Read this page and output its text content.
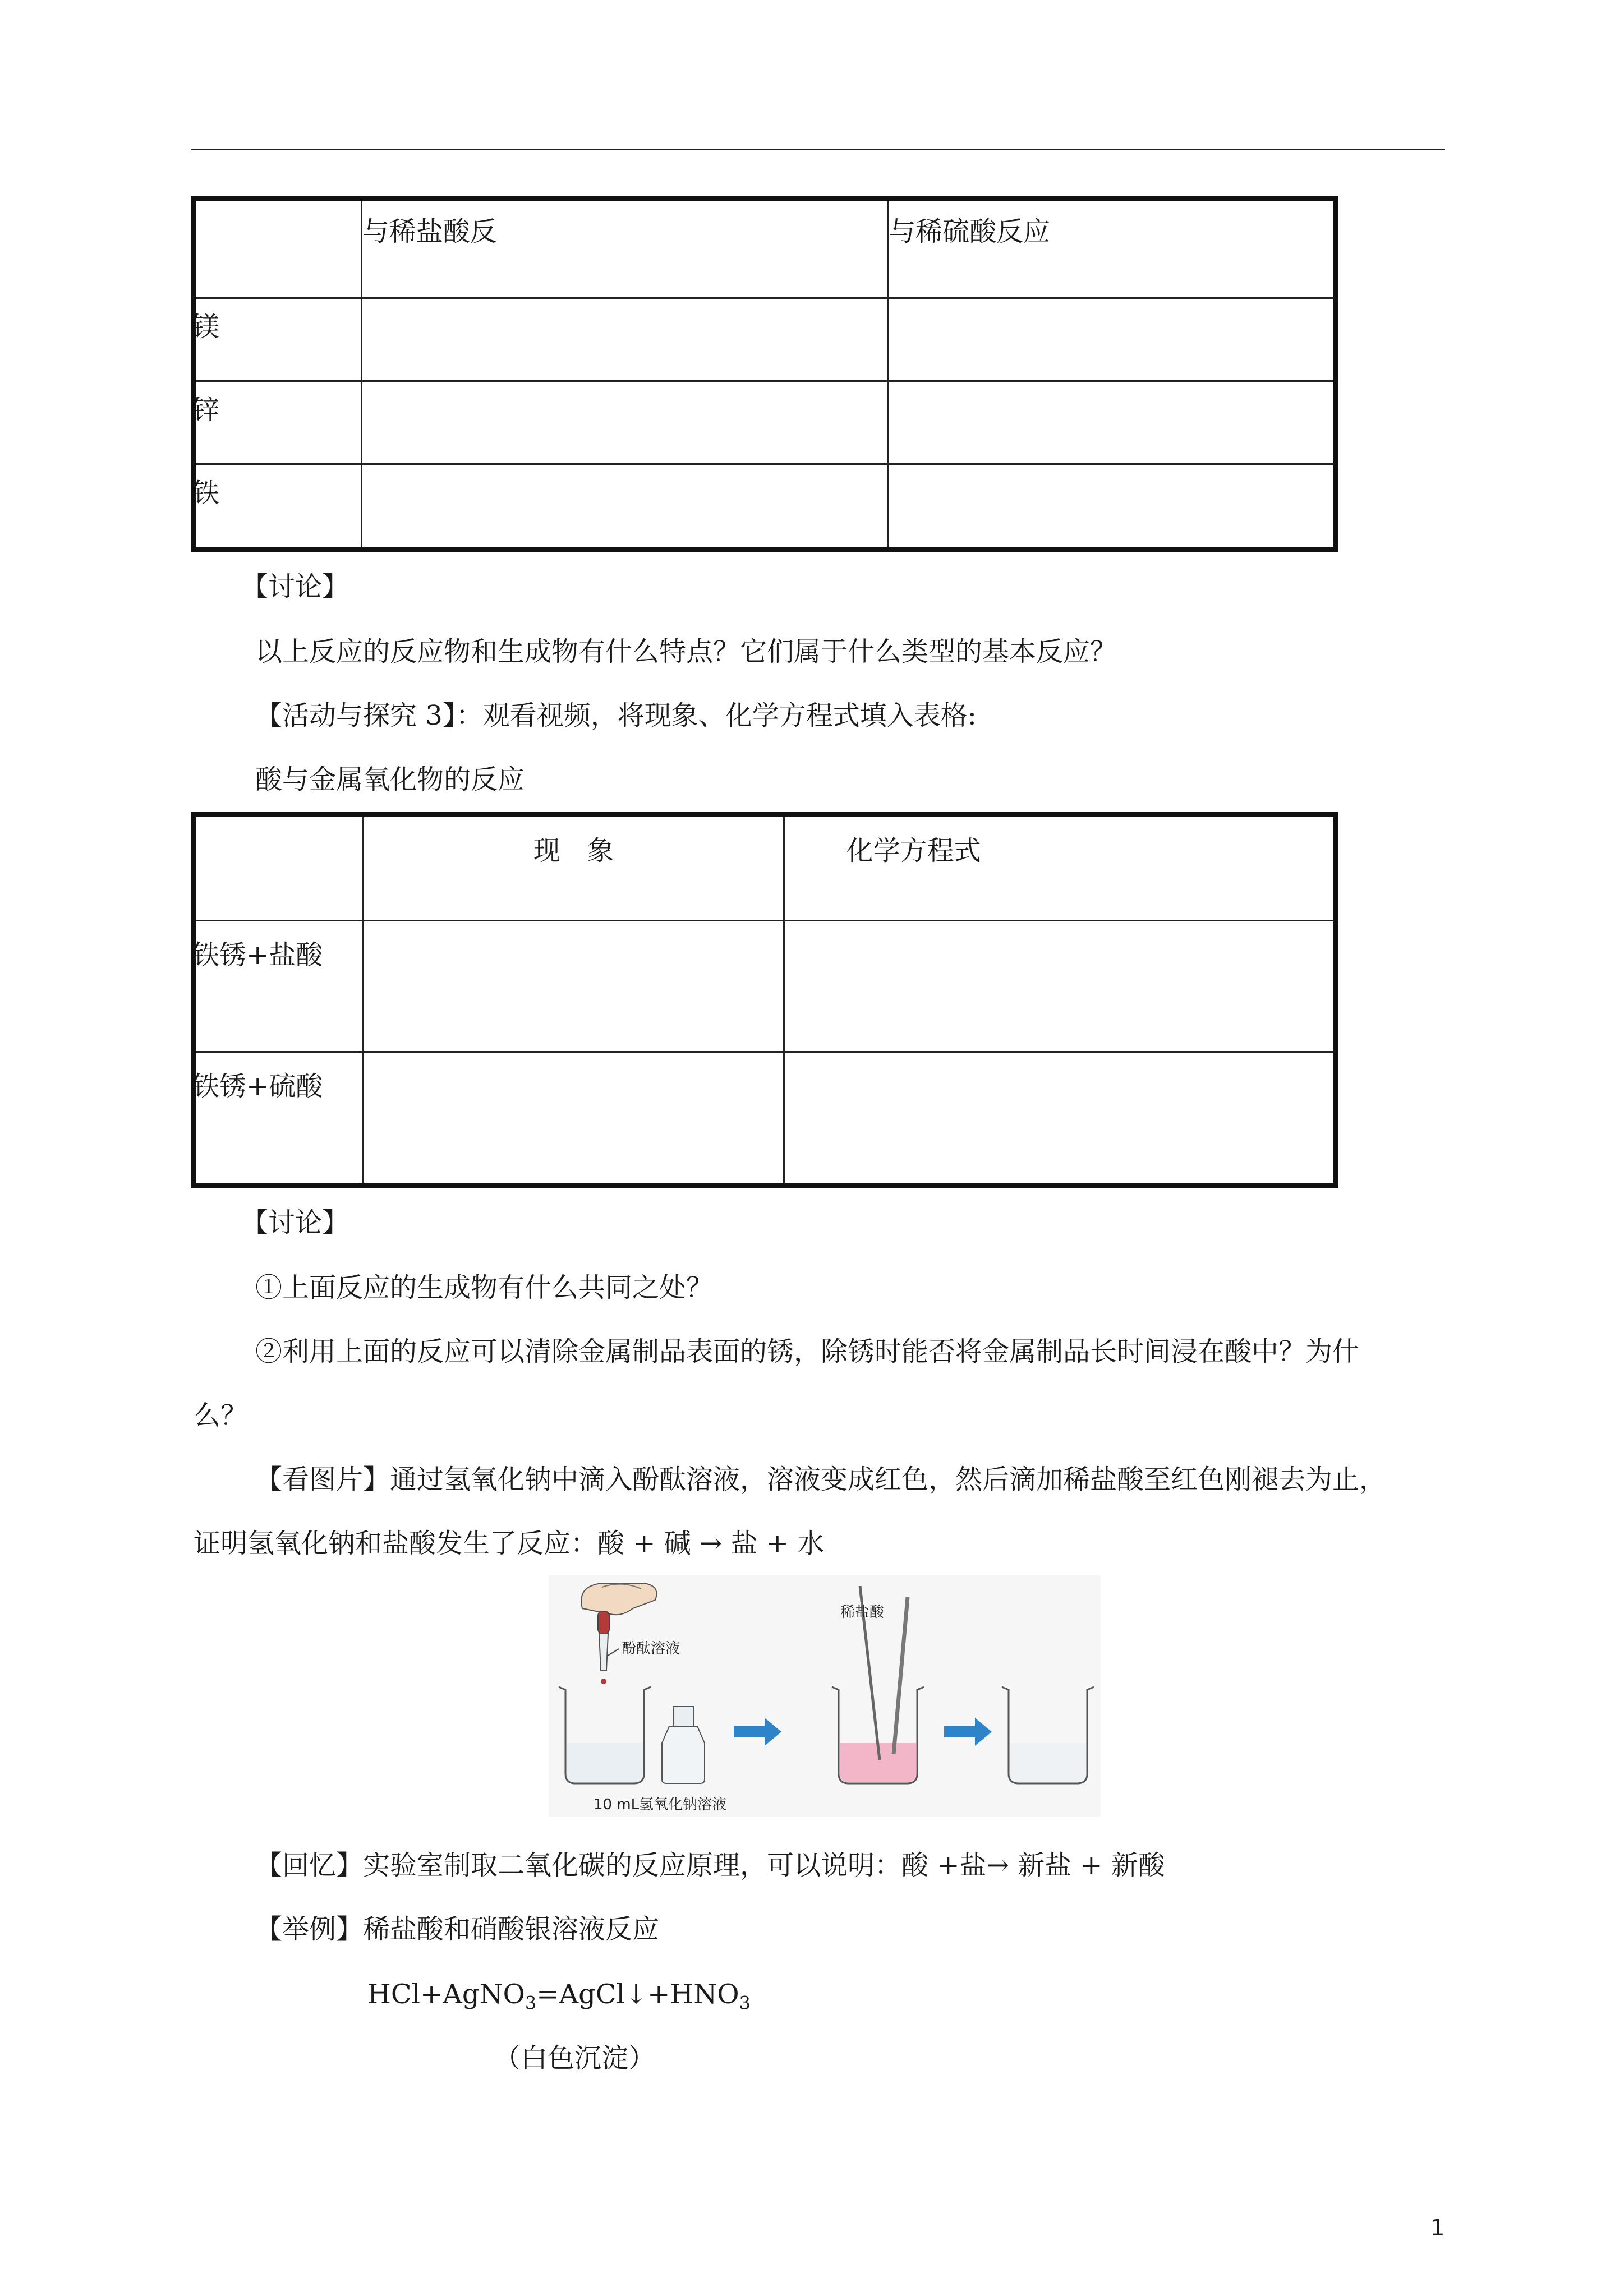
	与稀盐酸反	与稀硫酸反应
镁		
锌		
铁		
【讨论】
以上反应的反应物和生成物有什么特点？它们属于什么类型的基本反应？
【活动与探究 3】：观看视频，将现象、化学方程式填入表格:
酸与金属氧化物的反应
	现　象	化学方程式
铁锈+盐酸		
铁锈+硫酸		
【讨论】
①上面反应的生成物有什么共同之处？
②利用上面的反应可以清除金属制品表面的锈，除锈时能否将金属制品长时间浸在酸中？为什
么？
【看图片】通过氢氧化钠中滴入酚酞溶液，溶液变成红色，然后滴加稀盐酸至红色刚褪去为止，
证明氢氧化钠和盐酸发生了反应：酸 + 碱 → 盐 + 水
酚酞溶液
10 mL氢氧化钠溶液
稀盐酸
【回忆】实验室制取二氧化碳的反应原理，可以说明：酸 +盐→ 新盐 + 新酸
【举例】稀盐酸和硝酸银溶液反应
$HCl+AgNO_3=AgCl↓+HNO_3$
（白色沉淀）
1
